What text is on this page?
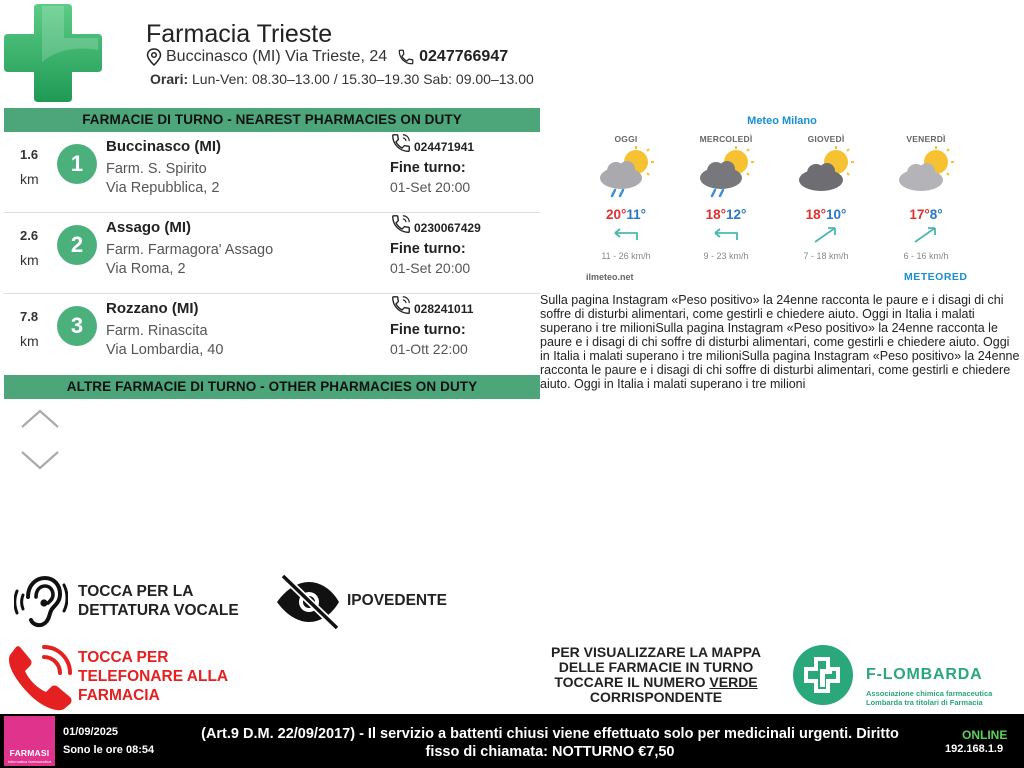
Farmacia Trieste
Buccinasco (MI) Via Trieste, 24 0247766947
Orari: Lun-Ven: 08.30–13.00 / 15.30–19.30 Sab: 09.00–13.00
FARMACIE DI TURNO - NEAREST PHARMACIES ON DUTY
1.6
km
1
Buccinasco (MI)
Farm. S. Spirito
Via Repubblica, 2
024471941
Fine turno:
01-Set 20:00
2.6
km
2
Assago (MI)
Farm. Farmagora' Assago
Via Roma, 2
0230067429
Fine turno:
01-Set 20:00
7.8
km
3
Rozzano (MI)
Farm. Rinascita
Via Lombardia, 40
028241011
Fine turno:
01-Ott 22:00
ALTRE FARMACIE DI TURNO - OTHER PHARMACIES ON DUTY
Meteo Milano
OGGI
20°11°
11 - 26 km/h
MERCOLEDÌ
18°12°
9 - 23 km/h
GIOVEDÌ
18°10°
7 - 18 km/h
VENERDÌ
17°8°
6 - 16 km/h
ilmeteo.net	METEORED
Sulla pagina Instagram «Peso positivo» la 24enne racconta le paure e i disagi di chi soffre di disturbi alimentari, come gestirli e chiedere aiuto. Oggi in Italia i malati superano i tre milioniSulla pagina Instagram «Peso positivo» la 24enne racconta le paure e i disagi di chi soffre di disturbi alimentari, come gestirli e chiedere aiuto. Oggi in Italia i malati superano i tre milioniSulla pagina Instagram «Peso positivo» la 24enne racconta le paure e i disagi di chi soffre di disturbi alimentari, come gestirli e chiedere aiuto. Oggi in Italia i malati superano i tre milioni
TOCCA PER LA
DETTATURA VOCALE
IPOVEDENTE
TOCCA PER
TELEFONARE ALLA
FARMACIA
PER VISUALIZZARE LA MAPPA
DELLE FARMACIE IN TURNO
TOCCARE IL NUMERO VERDE
CORRISPONDENTE
F-LOMBARDA
Associazione chimica farmaceutica
Lombarda tra titolari di Farmacia
FARMASI
informatica farmaceutica
01/09/2025
Sono le ore 08:54
(Art.9 D.M. 22/09/2017) - Il servizio a battenti chiusi viene effettuato solo per medicinali urgenti. Diritto fisso di chiamata: NOTTURNO €7,50
ONLINE
192.168.1.9
